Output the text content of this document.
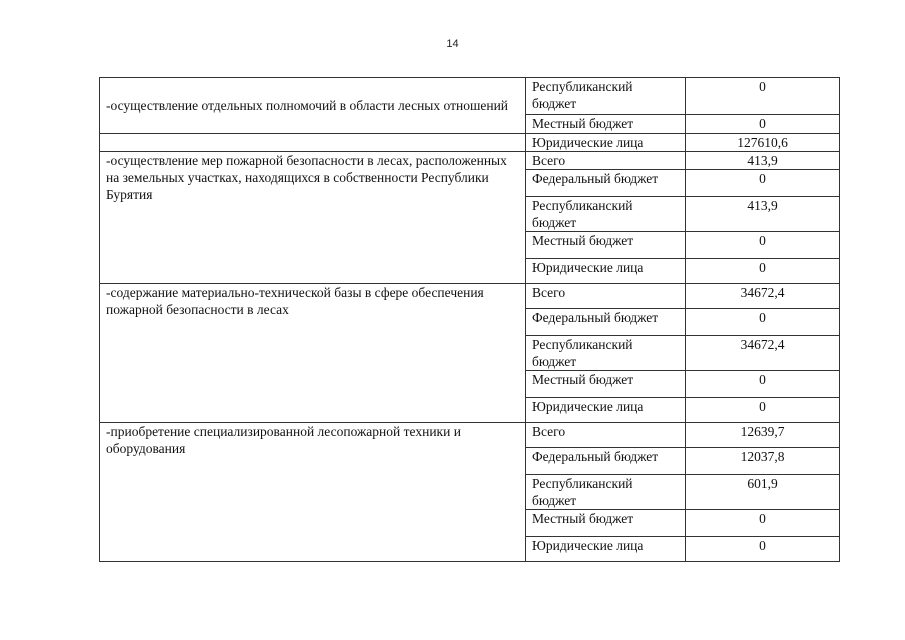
14
-осуществление отдельных полномочий в области лесных отношений	Республиканский бюджет	0
	Местный бюджет	0
	Юридические лица	127610,6
-осуществление мер пожарной безопасности в лесах, расположенных на земельных участках, находящихся в собственности Республики Бурятия	Всего	413,9
	Федеральный бюджет	0
	Республиканский бюджет	413,9
	Местный бюджет	0
	Юридические лица	0
-содержание материально-технической базы в сфере обеспечения пожарной безопасности в лесах	Всего	34672,4
	Федеральный бюджет	0
	Республиканский бюджет	34672,4
	Местный бюджет	0
	Юридические лица	0
-приобретение специализированной лесопожарной техники и оборудования	Всего	12639,7
	Федеральный бюджет	12037,8
	Республиканский бюджет	601,9
	Местный бюджет	0
	Юридические лица	0
